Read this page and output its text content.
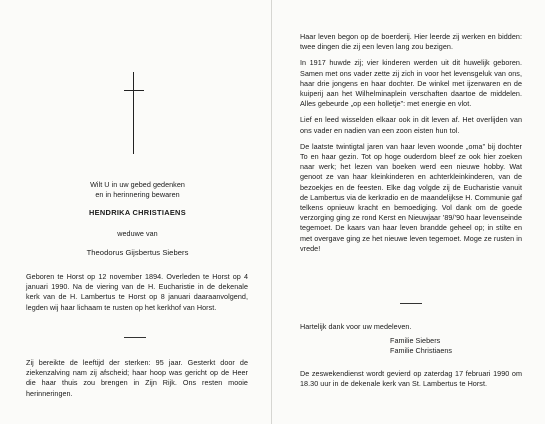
Wilt U in uw gebed gedenken
en in herinnering bewaren
HENDRIKA CHRISTIAENS
weduwe van
Theodorus Gijsbertus Siebers
Geboren te Horst op 12 november 1894. Overleden te Horst op 4 januari 1990. Na de viering van de H. Eucharistie in de dekenale kerk van de H. Lambertus te Horst op 8 januari daaraanvolgend, legden wij haar lichaam te rusten op het kerkhof van Horst.
Zij bereikte de leeftijd der sterken: 95 jaar. Gesterkt door de ziekenzalving nam zij afscheid; haar hoop was gericht op de Heer die haar thuis zou brengen in Zijn Rijk. Ons resten mooie herinneringen.

Haar leven begon op de boerderij. Hier leerde zij werken en bidden: twee dingen die zij een leven lang zou bezigen.

In 1917 huwde zij; vier kinderen werden uit dit huwelijk geboren. Samen met ons vader zette zij zich in voor het levensgeluk van ons, haar drie jongens en haar dochter. De winkel met ijzerwaren en de kuiperij aan het Wilhelminaplein verschaften daartoe de middelen. Alles gebeurde „op een holletje”: met energie en vlot.

Lief en leed wisselden elkaar ook in dit leven af. Het overlijden van ons vader en nadien van een zoon eisten hun tol.

De laatste twintigtal jaren van haar leven woonde „oma” bij dochter To en haar gezin. Tot op hoge ouderdom bleef ze ook hier zoeken naar werk; het lezen van boeken werd een nieuwe hobby. Wat genoot ze van haar kleinkinderen en achterkleinkinderen, van de bezoekjes en de feesten. Elke dag volgde zij de Eucharistie vanuit de Lambertus via de kerkradio en de maandelijkse H. Communie gaf telkens opnieuw kracht en bemoediging. Vol dank om de goede verzorging ging ze rond Kerst en Nieuwjaar ’89/’90 haar levenseinde tegemoet. De kaars van haar leven brandde geheel op; in stilte en met overgave ging ze het nieuwe leven tegemoet. Moge ze rusten in vrede!

Hartelijk dank voor uw medeleven.
Familie Siebers
Familie Christiaens
De zeswekendienst wordt gevierd op zaterdag 17 februari 1990 om 18.30 uur in de dekenale kerk van St. Lambertus te Horst.
